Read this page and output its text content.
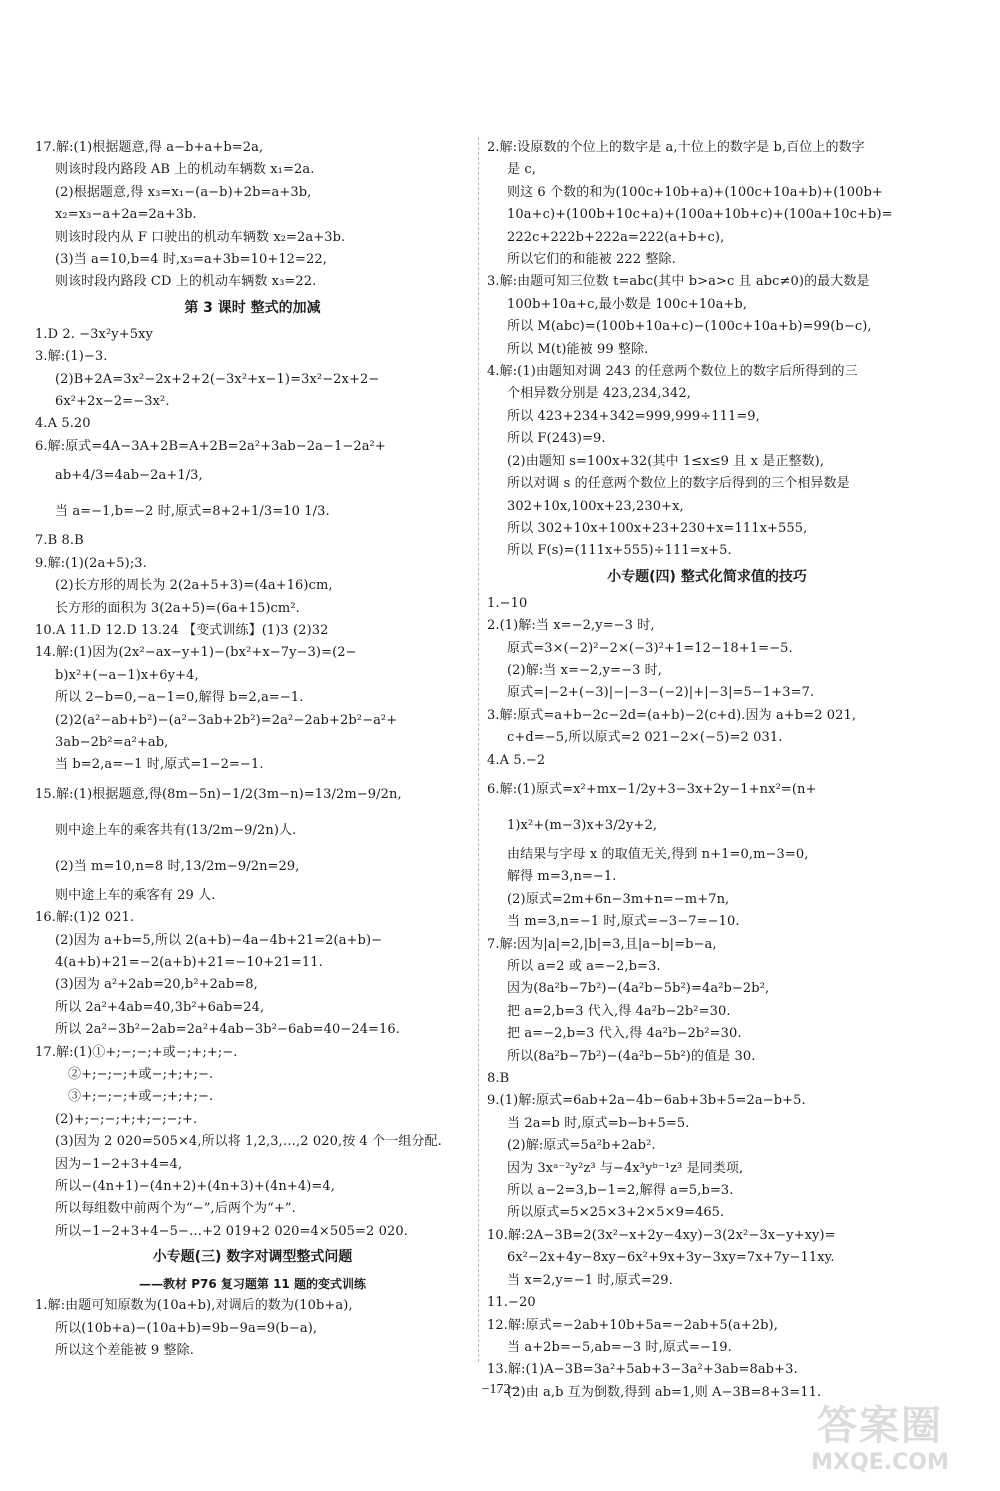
17.解:(1)根据题意,得 a−b+a+b=2a,
则该时段内路段 AB 上的机动车辆数 x₁=2a.
(2)根据题意,得 x₃=x₁−(a−b)+2b=a+3b,
x₂=x₃−a+2a=2a+3b.
则该时段内从 F 口驶出的机动车辆数 x₂=2a+3b.
(3)当 a=10,b=4 时,x₃=a+3b=10+12=22,
则该时段内路段 CD 上的机动车辆数 x₃=22.
第 3 课时 整式的加减
1.D 2. −3x²y+5xy
3.解:(1)−3.
(2)B+2A=3x²−2x+2+2(−3x²+x−1)=3x²−2x+2−
6x²+2x−2=−3x².
4.A 5.20
6.解:原式=4A−3A+2B=A+2B=2a²+3ab−2a−1−2a²+
ab+4/3=4ab−2a+1/3,
当 a=−1,b=−2 时,原式=8+2+1/3=10 1/3.
7.B 8.B
9.解:(1)(2a+5);3.
(2)长方形的周长为 2(2a+5+3)=(4a+16)cm,
长方形的面积为 3(2a+5)=(6a+15)cm².
10.A 11.D 12.D 13.24 【变式训练】(1)3 (2)32
14.解:(1)因为(2x²−ax−y+1)−(bx²+x−7y−3)=(2−
b)x²+(−a−1)x+6y+4,
所以 2−b=0,−a−1=0,解得 b=2,a=−1.
(2)2(a²−ab+b²)−(a²−3ab+2b²)=2a²−2ab+2b²−a²+
3ab−2b²=a²+ab,
当 b=2,a=−1 时,原式=1−2=−1.
15.解:(1)根据题意,得(8m−5n)−1/2(3m−n)=13/2m−9/2n,
则中途上车的乘客共有(13/2m−9/2n)人.
(2)当 m=10,n=8 时,13/2m−9/2n=29,
则中途上车的乘客有 29 人.
16.解:(1)2 021.
(2)因为 a+b=5,所以 2(a+b)−4a−4b+21=2(a+b)−
4(a+b)+21=−2(a+b)+21=−10+21=11.
(3)因为 a²+2ab=20,b²+2ab=8,
所以 2a²+4ab=40,3b²+6ab=24,
所以 2a²−3b²−2ab=2a²+4ab−3b²−6ab=40−24=16.
17.解:(1)①+;−;−;+或−;+;+;−.
②+;−;−;+或−;+;+;−.
③+;−;−;+或−;+;+;−.
(2)+;−;−;+;+;−;−;+.
(3)因为 2 020=505×4,所以将 1,2,3,…,2 020,按 4 个一组分配.
因为−1−2+3+4=4,
所以−(4n+1)−(4n+2)+(4n+3)+(4n+4)=4,
所以每组数中前两个为“−”,后两个为“+”.
所以−1−2+3+4−5−…+2 019+2 020=4×505=2 020.
小专题(三) 数字对调型整式问题
——教材 P76 复习题第 11 题的变式训练
1.解:由题可知原数为(10a+b),对调后的数为(10b+a),
所以(10b+a)−(10a+b)=9b−9a=9(b−a),
所以这个差能被 9 整除.
2.解:设原数的个位上的数字是 a,十位上的数字是 b,百位上的数字
是 c,
则这 6 个数的和为(100c+10b+a)+(100c+10a+b)+(100b+
10a+c)+(100b+10c+a)+(100a+10b+c)+(100a+10c+b)=
222c+222b+222a=222(a+b+c),
所以它们的和能被 222 整除.
3.解:由题可知三位数 t=abc(其中 b>a>c 且 abc≠0)的最大数是
100b+10a+c,最小数是 100c+10a+b,
所以 M(abc)=(100b+10a+c)−(100c+10a+b)=99(b−c),
所以 M(t)能被 99 整除.
4.解:(1)由题知对调 243 的任意两个数位上的数字后所得到的三
个相异数分别是 423,234,342,
所以 423+234+342=999,999÷111=9,
所以 F(243)=9.
(2)由题知 s=100x+32(其中 1≤x≤9 且 x 是正整数),
所以对调 s 的任意两个数位上的数字后得到的三个相异数是
302+10x,100x+23,230+x,
所以 302+10x+100x+23+230+x=111x+555,
所以 F(s)=(111x+555)÷111=x+5.
小专题(四) 整式化简求值的技巧
1.−10
2.(1)解:当 x=−2,y=−3 时,
原式=3×(−2)²−2×(−3)²+1=12−18+1=−5.
(2)解:当 x=−2,y=−3 时,
原式=|−2+(−3)|−|−3−(−2)|+|−3|=5−1+3=7.
3.解:原式=a+b−2c−2d=(a+b)−2(c+d).因为 a+b=2 021,
c+d=−5,所以原式=2 021−2×(−5)=2 031.
4.A 5.−2
6.解:(1)原式=x²+mx−1/2y+3−3x+2y−1+nx²=(n+
1)x²+(m−3)x+3/2y+2,
由结果与字母 x 的取值无关,得到 n+1=0,m−3=0,
解得 m=3,n=−1.
(2)原式=2m+6n−3m+n=−m+7n,
当 m=3,n=−1 时,原式=−3−7=−10.
7.解:因为|a|=2,|b|=3,且|a−b|=b−a,
所以 a=2 或 a=−2,b=3.
因为(8a²b−7b²)−(4a²b−5b²)=4a²b−2b²,
把 a=2,b=3 代入,得 4a²b−2b²=30.
把 a=−2,b=3 代入,得 4a²b−2b²=30.
所以(8a²b−7b²)−(4a²b−5b²)的值是 30.
8.B
9.(1)解:原式=6ab+2a−4b−6ab+3b+5=2a−b+5.
当 2a=b 时,原式=b−b+5=5.
(2)解:原式=5a²b+2ab².
因为 3xᵃ⁻²y²z³ 与−4x³yᵇ⁻¹z³ 是同类项,
所以 a−2=3,b−1=2,解得 a=5,b=3.
所以原式=5×25×3+2×5×9=465.
10.解:2A−3B=2(3x²−x+2y−4xy)−3(2x²−3x−y+xy)=
6x²−2x+4y−8xy−6x²+9x+3y−3xy=7x+7y−11xy.
当 x=2,y=−1 时,原式=29.
11.−20
12.解:原式=−2ab+10b+5a=−2ab+5(a+2b),
当 a+2b=−5,ab=−3 时,原式=−19.
13.解:(1)A−3B=3a²+5ab+3−3a²+3ab=8ab+3.
(2)由 a,b 互为倒数,得到 ab=1,则 A−3B=8+3=11.
−172−
答案圈
MXQE.COM
